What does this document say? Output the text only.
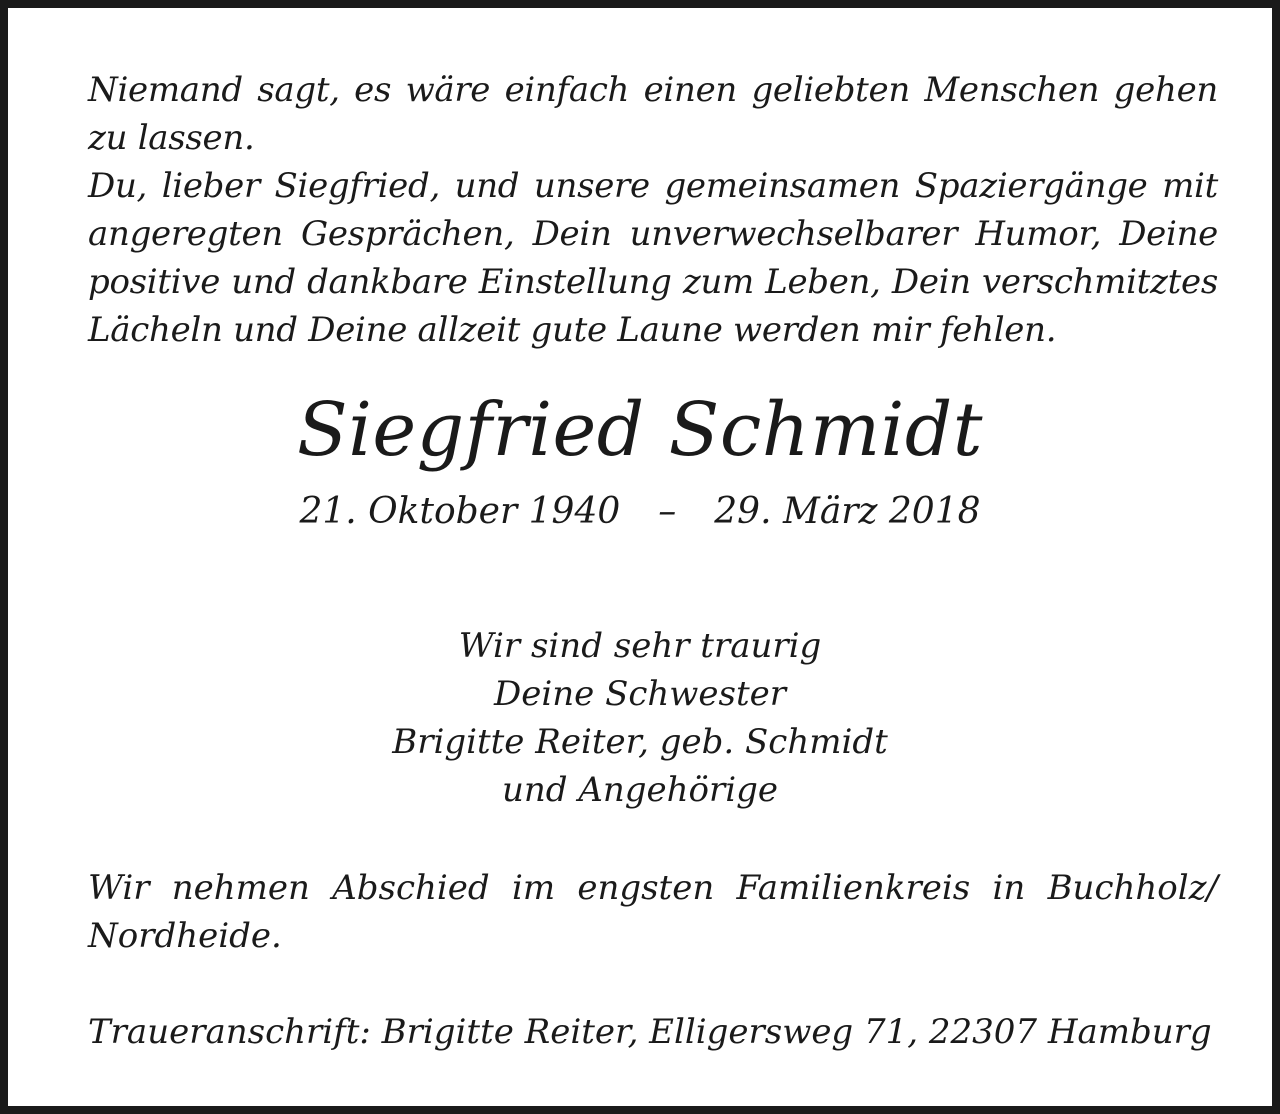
Niemand sagt, es wäre einfach einen geliebten Menschen gehen zu lassen.

Du, lieber Siegfried, und unsere gemeinsamen Spaziergänge mit angeregten Gesprächen, Dein unverwechselbarer Humor, Deine positive und dankbare Einstellung zum Leben, Dein verschmitztes Lächeln und Deine allzeit gute Laune werden mir fehlen.

Siegfried Schmidt
21. Oktober 1940 – 29. März 2018
Wir sind sehr traurig
Deine Schwester
Brigitte Reiter, geb. Schmidt
und Angehörige
Wir nehmen Abschied im engsten Familienkreis in Buchholz/ Nordheide.
Traueranschrift: Brigitte Reiter, Elligersweg 71, 22307 Hamburg
